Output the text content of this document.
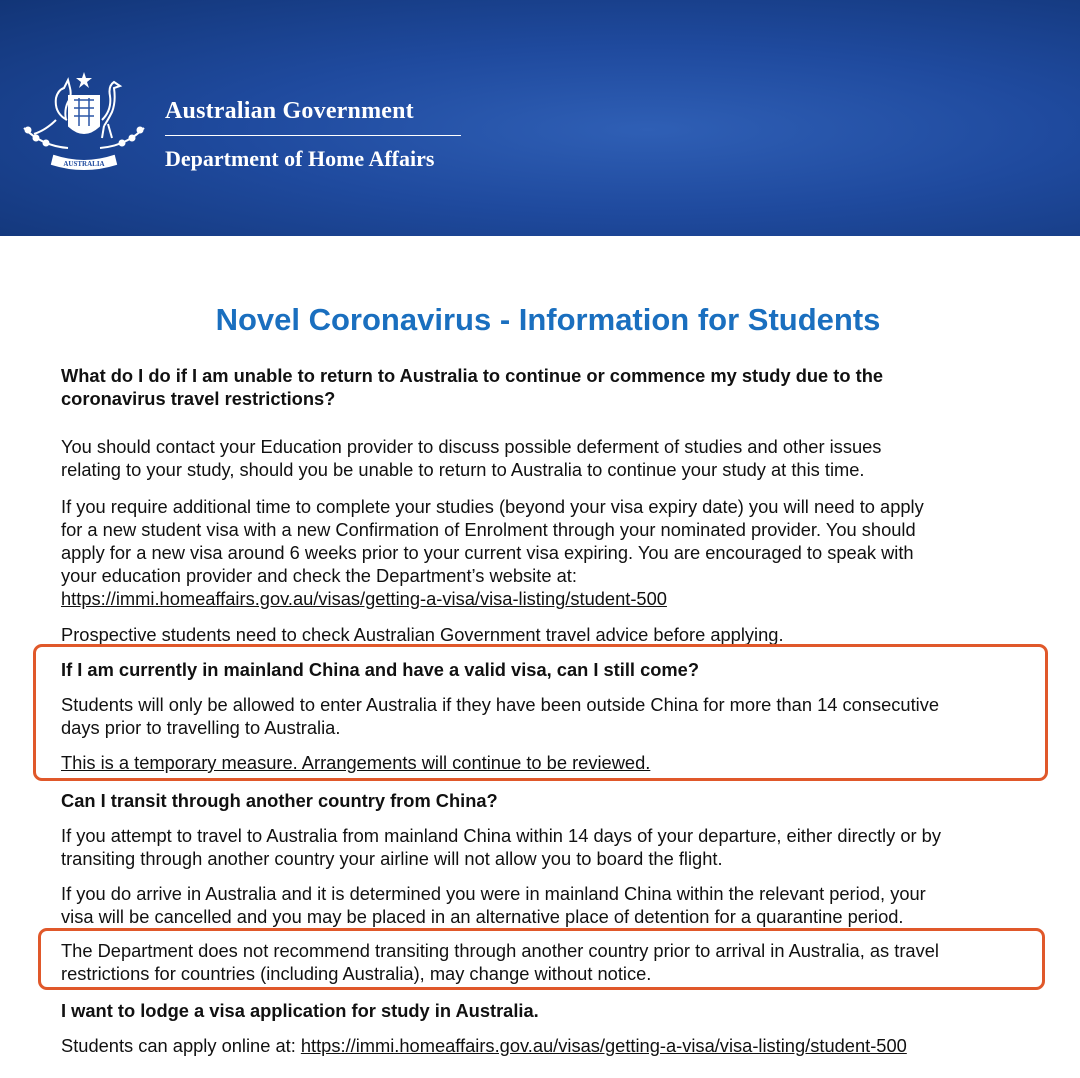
AUSTRALIA
Australian Government
Department of Home Affairs
Novel Coronavirus - Information for Students
What do I do if I am unable to return to Australia to continue or commence my study due to the
coronavirus travel restrictions?
You should contact your Education provider to discuss possible deferment of studies and other issues
relating to your study, should you be unable to return to Australia to continue your study at this time.
If you require additional time to complete your studies (beyond your visa expiry date) you will need to apply
for a new student visa with a new Confirmation of Enrolment through your nominated provider. You should
apply for a new visa around 6 weeks prior to your current visa expiring. You are encouraged to speak with
your education provider and check the Department’s website at:
https://immi.homeaffairs.gov.au/visas/getting-a-visa/visa-listing/student-500
Prospective students need to check Australian Government travel advice before applying.
If I am currently in mainland China and have a valid visa, can I still come?
Students will only be allowed to enter Australia if they have been outside China for more than 14 consecutive
days prior to travelling to Australia.
This is a temporary measure. Arrangements will continue to be reviewed.
Can I transit through another country from China?
If you attempt to travel to Australia from mainland China within 14 days of your departure, either directly or by
transiting through another country your airline will not allow you to board the flight.
If you do arrive in Australia and it is determined you were in mainland China within the relevant period, your
visa will be cancelled and you may be placed in an alternative place of detention for a quarantine period.
The Department does not recommend transiting through another country prior to arrival in Australia, as travel
restrictions for countries (including Australia), may change without notice.
I want to lodge a visa application for study in Australia.
Students can apply online at: https://immi.homeaffairs.gov.au/visas/getting-a-visa/visa-listing/student-500
